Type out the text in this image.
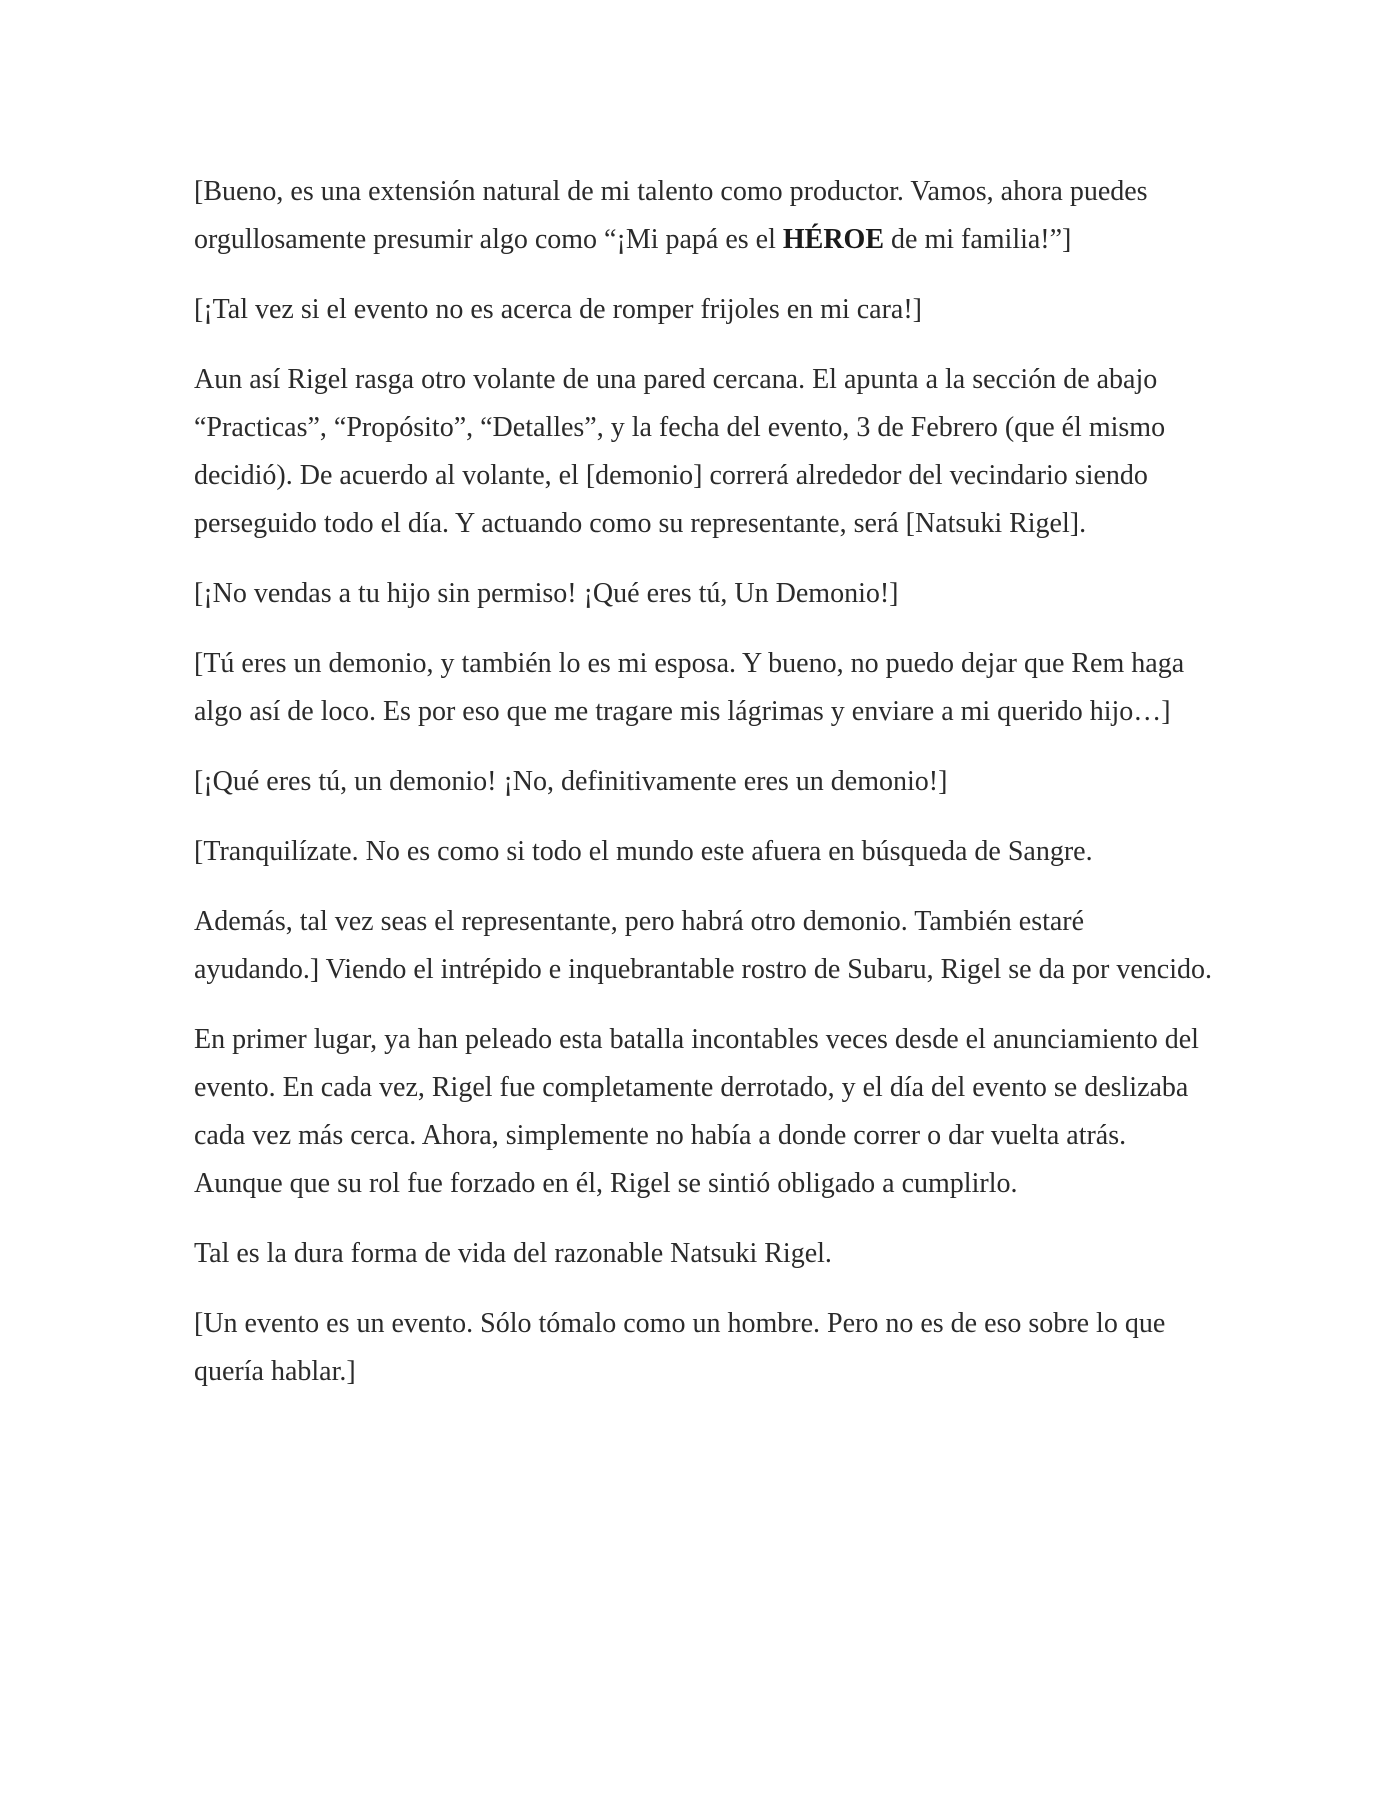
[Bueno, es una extensión natural de mi talento como productor. Vamos, ahora puedes orgullosamente presumir algo como “¡Mi papá es el HÉROE de mi familia!”]

[¡Tal vez si el evento no es acerca de romper frijoles en mi cara!]

Aun así Rigel rasga otro volante de una pared cercana. El apunta a la sección de abajo “Practicas”, “Propósito”, “Detalles”, y la fecha del evento, 3 de Febrero (que él mismo decidió). De acuerdo al volante, el [demonio] correrá alrededor del vecindario siendo perseguido todo el día. Y actuando como su representante, será [Natsuki Rigel].

[¡No vendas a tu hijo sin permiso! ¡Qué eres tú, Un Demonio!]

[Tú eres un demonio, y también lo es mi esposa. Y bueno, no puedo dejar que Rem haga algo así de loco. Es por eso que me tragare mis lágrimas y enviare a mi querido hijo…]

[¡Qué eres tú, un demonio! ¡No, definitivamente eres un demonio!]

[Tranquilízate. No es como si todo el mundo este afuera en búsqueda de Sangre.

Además, tal vez seas el representante, pero habrá otro demonio. También estaré ayudando.] Viendo el intrépido e inquebrantable rostro de Subaru, Rigel se da por vencido.

En primer lugar, ya han peleado esta batalla incontables veces desde el anunciamiento del evento. En cada vez, Rigel fue completamente derrotado, y el día del evento se deslizaba cada vez más cerca. Ahora, simplemente no había a donde correr o dar vuelta atrás. Aunque que su rol fue forzado en él, Rigel se sintió obligado a cumplirlo.

Tal es la dura forma de vida del razonable Natsuki Rigel.

[Un evento es un evento. Sólo tómalo como un hombre. Pero no es de eso sobre lo que quería hablar.]
